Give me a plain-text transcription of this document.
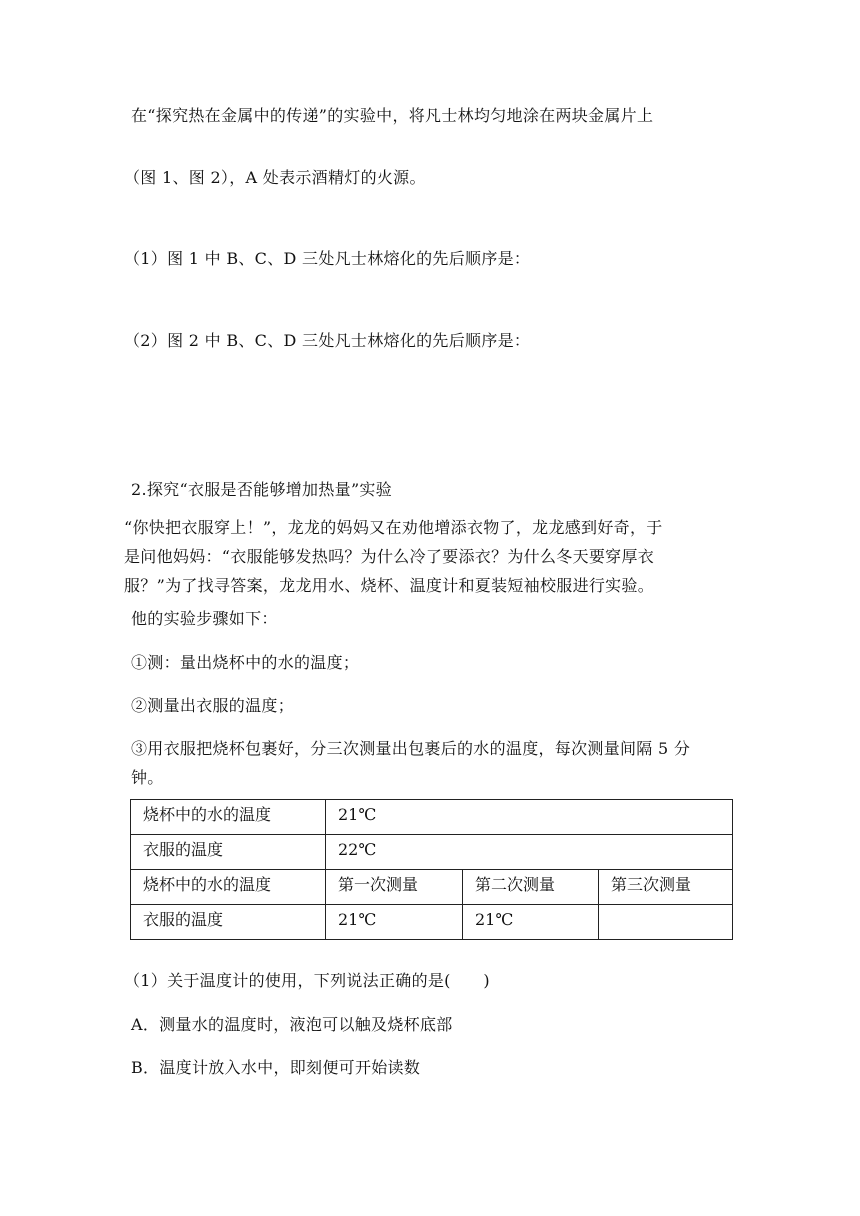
在“探究热在金属中的传递”的实验中，将凡士林均匀地涂在两块金属片上
（图 1、图 2），A 处表示酒精灯的火源。
（1）图 1 中 B、C、D 三处凡士林熔化的先后顺序是：
（2）图 2 中 B、C、D 三处凡士林熔化的先后顺序是：
2.探究“衣服是否能够增加热量”实验
“你快把衣服穿上！”，龙龙的妈妈又在劝他增添衣物了，龙龙感到好奇，于
是问他妈妈：“衣服能够发热吗？为什么冷了要添衣？为什么冬天要穿厚衣
服？”为了找寻答案，龙龙用水、烧杯、温度计和夏装短袖校服进行实验。
他的实验步骤如下：
①测：量出烧杯中的水的温度；
②测量出衣服的温度；
③用衣服把烧杯包裹好，分三次测量出包裹后的水的温度，每次测量间隔 5 分
钟。
烧杯中的水的温度	21℃		
衣服的温度	22℃		
烧杯中的水的温度	第一次测量	第二次测量	第三次测量
衣服的温度	21℃	21℃	
（1）关于温度计的使用，下列说法正确的是(　　)
A．测量水的温度时，液泡可以触及烧杯底部
B．温度计放入水中，即刻便可开始读数
